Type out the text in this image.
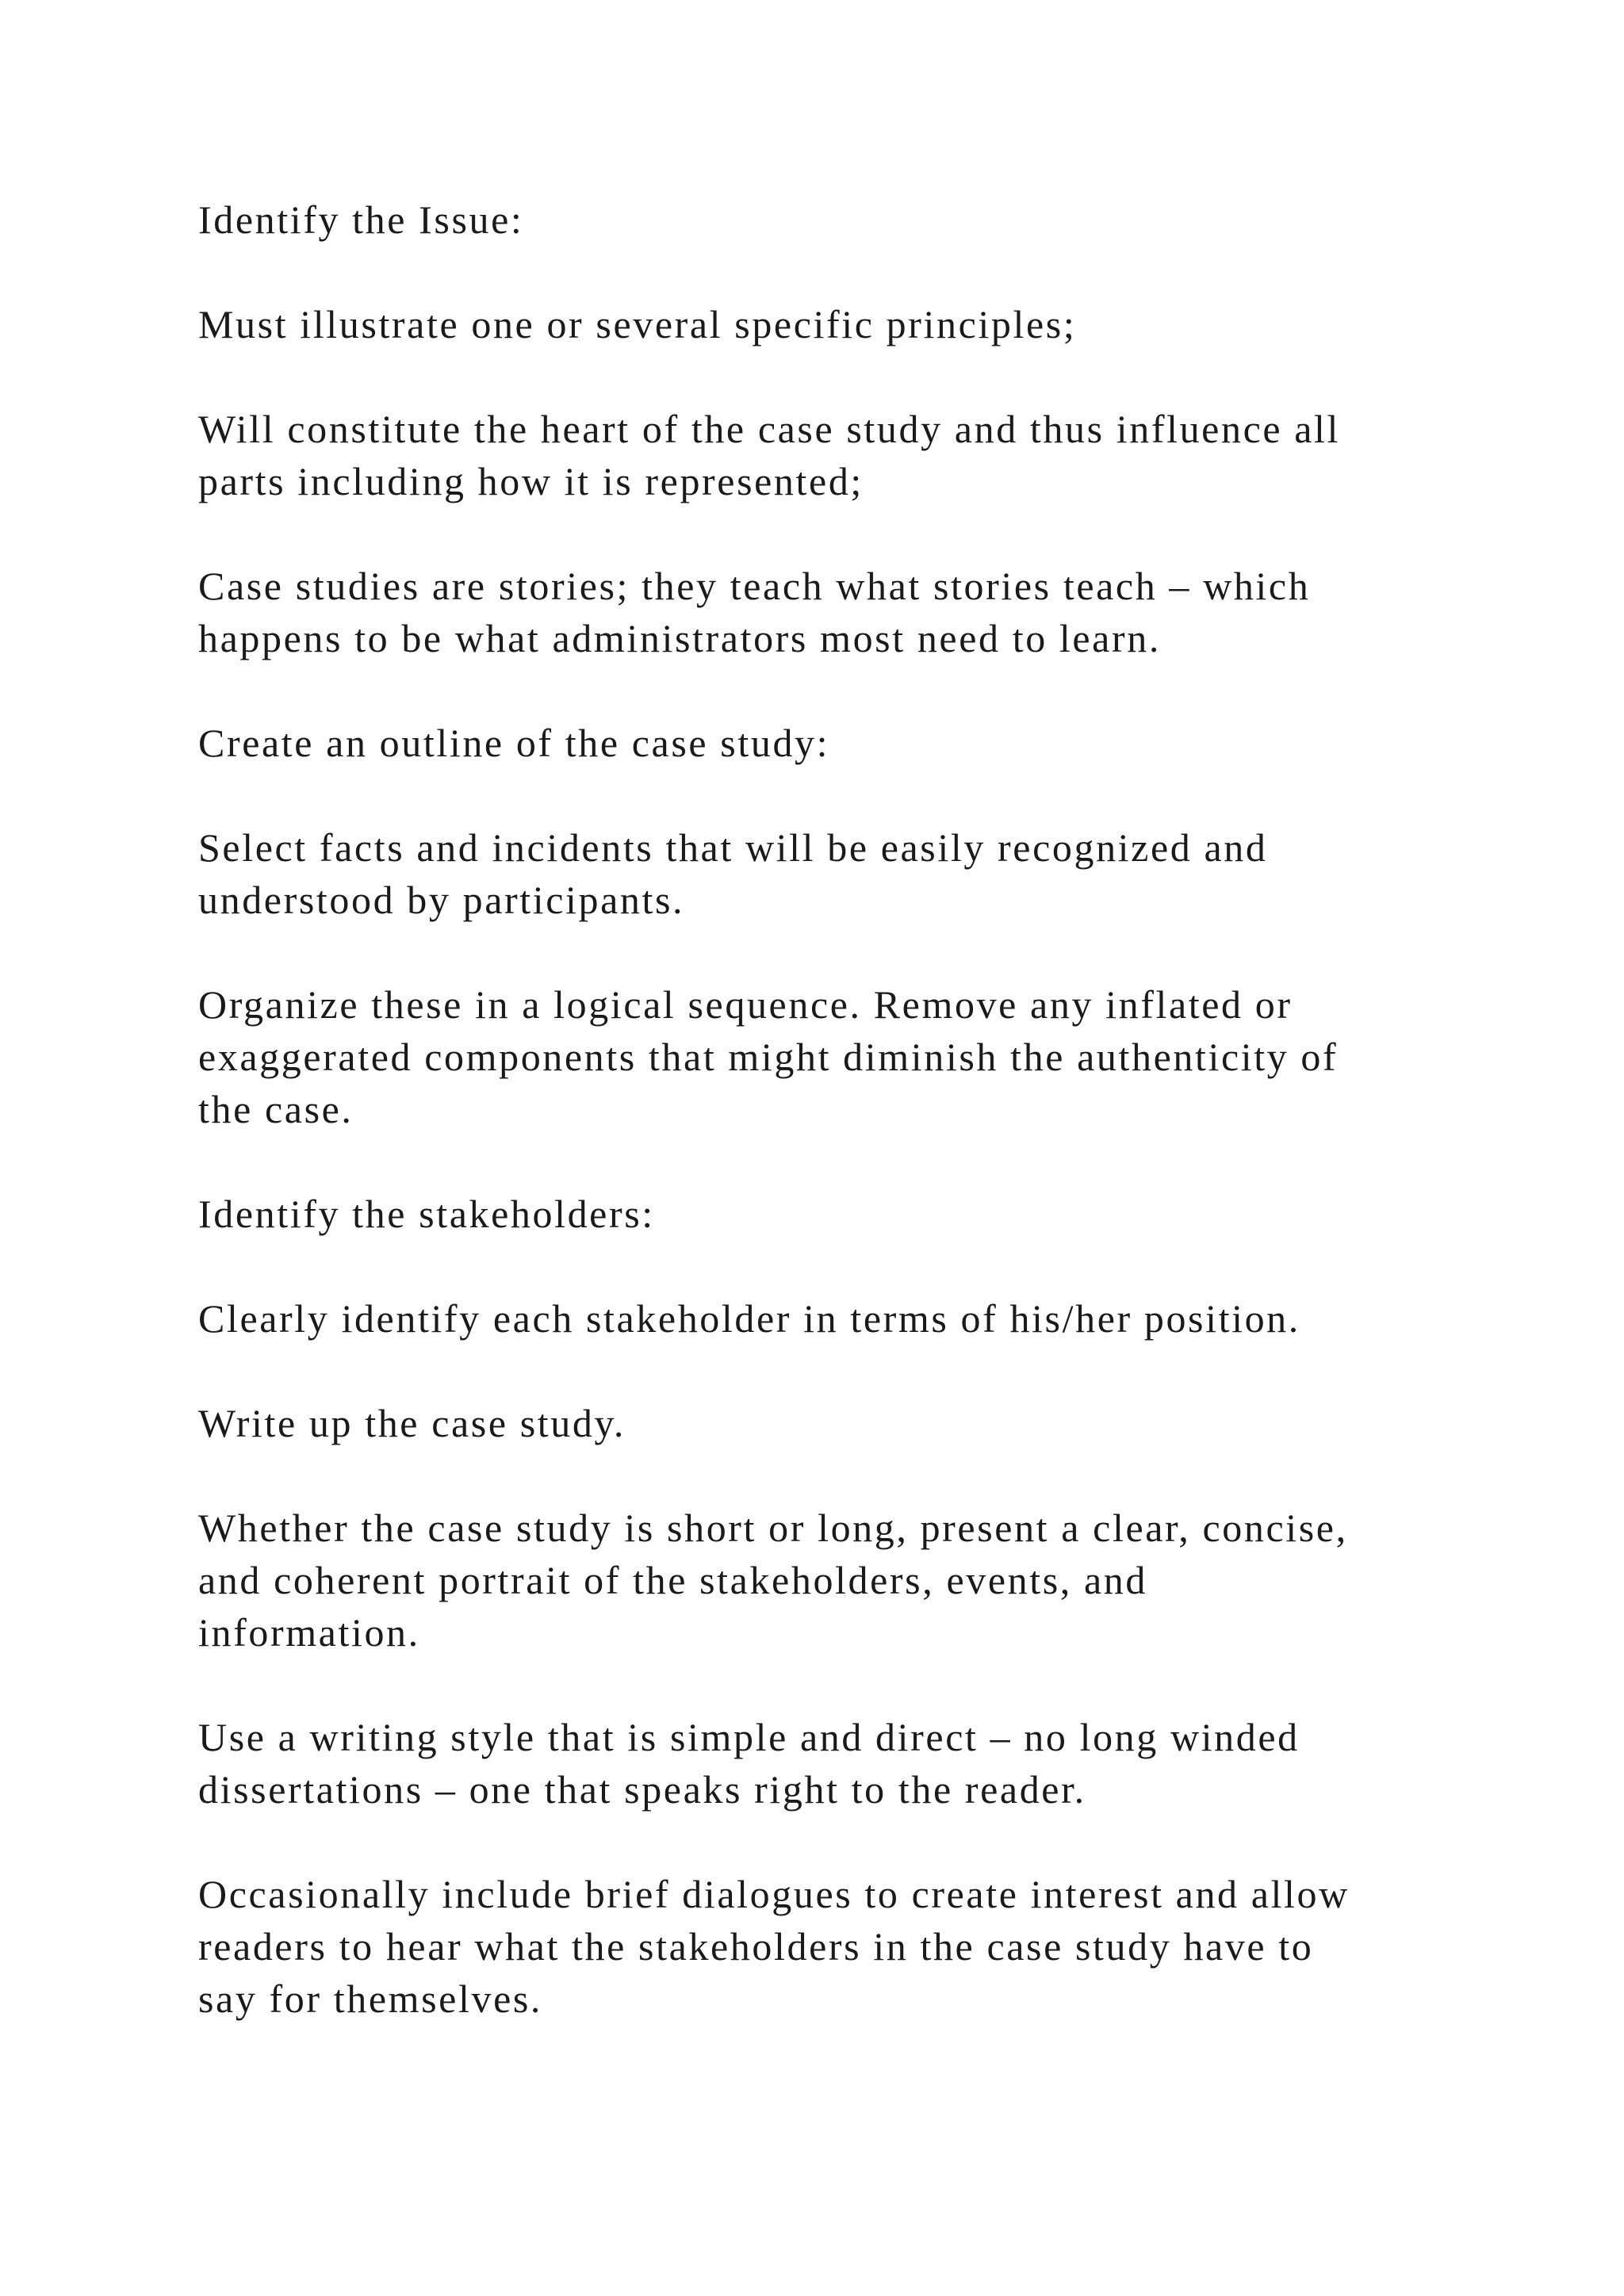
Identify the Issue:
Must illustrate one or several specific principles;
Will constitute the heart of the case study and thus influence all
parts including how it is represented;
Case studies are stories; they teach what stories teach – which
happens to be what administrators most need to learn.
Create an outline of the case study:
Select facts and incidents that will be easily recognized and
understood by participants.
Organize these in a logical sequence. Remove any inflated or
exaggerated components that might diminish the authenticity of
the case.
Identify the stakeholders:
Clearly identify each stakeholder in terms of his/her position.
Write up the case study.
Whether the case study is short or long, present a clear, concise,
and coherent portrait of the stakeholders, events, and
information.
Use a writing style that is simple and direct – no long winded
dissertations – one that speaks right to the reader.
Occasionally include brief dialogues to create interest and allow
readers to hear what the stakeholders in the case study have to
say for themselves.
